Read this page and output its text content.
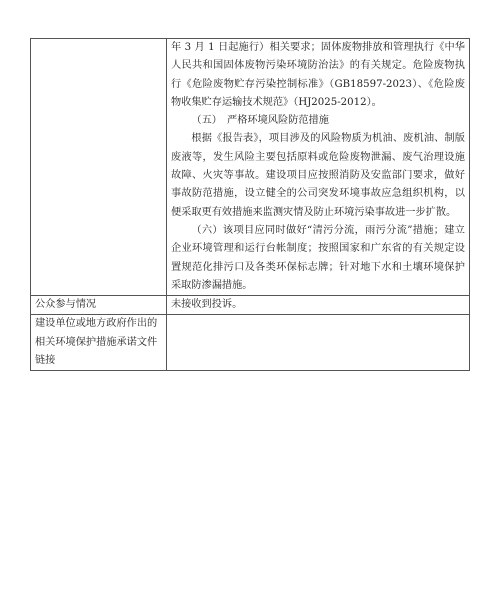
	年 3 月 1 日起施行）相关要求；固体废物排放和管理执行《中华人民共和国固体废物污染环境防治法》的有关规定。危险废物执行《危险废物贮存污染控制标准》（GB18597-2023）、《危险废物收集贮存运输技术规范》（HJ2025-2012）。

（五）　严格环境风险防范措施

根据《报告表》，项目涉及的风险物质为机油、废机油、制版废液等，发生风险主要包括原料或危险废物泄漏、废气治理设施故障、火灾等事故。建设项目应按照消防及安监部门要求，做好事故防范措施，设立健全的公司突发环境事故应急组织机构，以便采取更有效措施来监测灾情及防止环境污染事故进一步扩散。

（六）该项目应同时做好“清污分流，雨污分流”措施；建立企业环境管理和运行台帐制度；按照国家和广东省的有关规定设置规范化排污口及各类环保标志牌；针对地下水和土壤环境保护采取防渗漏措施。

公众参与情况	未接收到投诉。
建设单位或地方政府作出的相关环境保护措施承诺文件链接	
